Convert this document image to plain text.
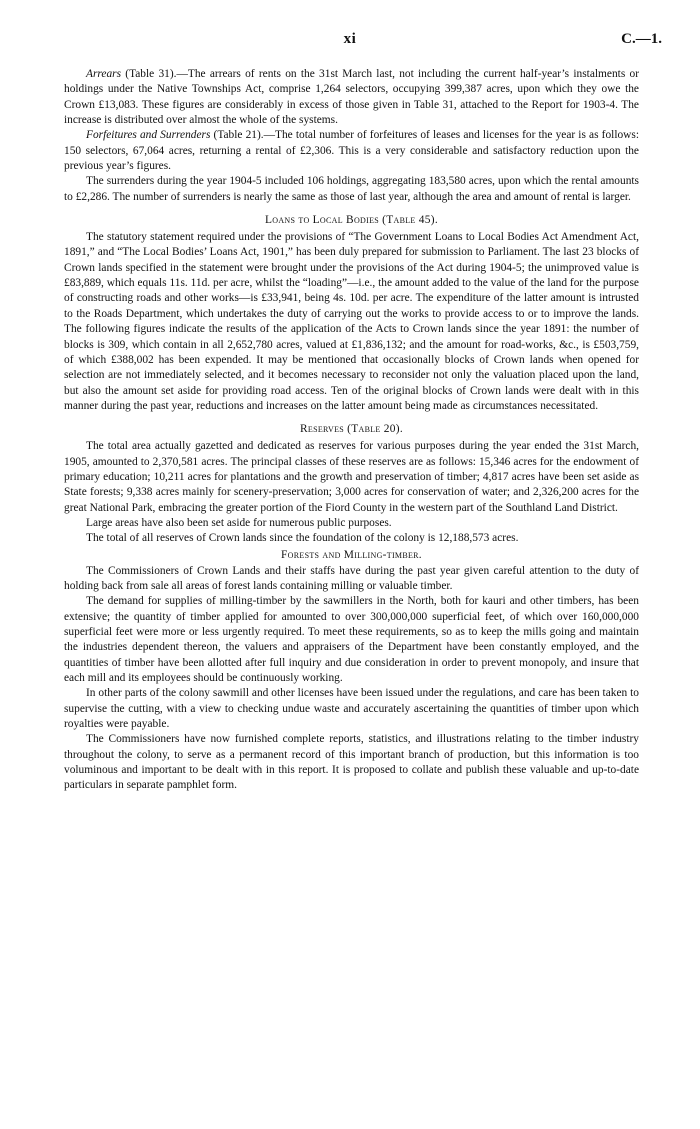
xi	C.—1.

Arrears (Table 31).—The arrears of rents on the 31st March last, not including the current half-year’s instalments or holdings under the Native Townships Act, comprise 1,264 selectors, occupying 399,387 acres, upon which they owe the Crown £13,083. These figures are considerably in excess of those given in Table 31, attached to the Report for 1903-4. The increase is distributed over almost the whole of the systems.

Forfeitures and Surrenders (Table 21).—The total number of forfeitures of leases and licenses for the year is as follows: 150 selectors, 67,064 acres, returning a rental of £2,306. This is a very considerable and satisfactory reduction upon the previous year’s figures.

The surrenders during the year 1904-5 included 106 holdings, aggregating 183,580 acres, upon which the rental amounts to £2,286. The number of surrenders is nearly the same as those of last year, although the area and amount of rental is larger.

Loans to Local Bodies (Table 45).

The statutory statement required under the provisions of “The Government Loans to Local Bodies Act Amendment Act, 1891,” and “The Local Bodies’ Loans Act, 1901,” has been duly prepared for submission to Parliament. The last 23 blocks of Crown lands specified in the statement were brought under the provisions of the Act during 1904-5; the unimproved value is £83,889, which equals 11s. 11d. per acre, whilst the “loading”—i.e., the amount added to the value of the land for the purpose of constructing roads and other works—is £33,941, being 4s. 10d. per acre. The expenditure of the latter amount is intrusted to the Roads Department, which undertakes the duty of carrying out the works to provide access to or to improve the lands. The following figures indicate the results of the application of the Acts to Crown lands since the year 1891: the number of blocks is 309, which contain in all 2,652,780 acres, valued at £1,836,132; and the amount for road-works, &c., is £503,759, of which £388,002 has been expended. It may be mentioned that occasionally blocks of Crown lands when opened for selection are not immediately selected, and it becomes necessary to reconsider not only the valuation placed upon the land, but also the amount set aside for providing road access. Ten of the original blocks of Crown lands were dealt with in this manner during the past year, reductions and increases on the latter amount being made as circumstances necessitated.

Reserves (Table 20).

The total area actually gazetted and dedicated as reserves for various purposes during the year ended the 31st March, 1905, amounted to 2,370,581 acres. The principal classes of these reserves are as follows: 15,346 acres for the endowment of primary education; 10,211 acres for plantations and the growth and preservation of timber; 4,817 acres have been set aside as State forests; 9,338 acres mainly for scenery-preservation; 3,000 acres for conservation of water; and 2,326,200 acres for the great National Park, embracing the greater portion of the Fiord County in the western part of the Southland Land District.

Large areas have also been set aside for numerous public purposes.

The total of all reserves of Crown lands since the foundation of the colony is 12,188,573 acres.

Forests and Milling-timber.

The Commissioners of Crown Lands and their staffs have during the past year given careful attention to the duty of holding back from sale all areas of forest lands containing milling or valuable timber.

The demand for supplies of milling-timber by the sawmillers in the North, both for kauri and other timbers, has been extensive; the quantity of timber applied for amounted to over 300,000,000 superficial feet, of which over 160,000,000 superficial feet were more or less urgently required. To meet these requirements, so as to keep the mills going and maintain the industries dependent thereon, the valuers and appraisers of the Department have been constantly employed, and the quantities of timber have been allotted after full inquiry and due consideration in order to prevent monopoly, and insure that each mill and its employees should be continuously working.

In other parts of the colony sawmill and other licenses have been issued under the regulations, and care has been taken to supervise the cutting, with a view to checking undue waste and accurately ascertaining the quantities of timber upon which royalties were payable.

The Commissioners have now furnished complete reports, statistics, and illustrations relating to the timber industry throughout the colony, to serve as a permanent record of this important branch of production, but this information is too voluminous and important to be dealt with in this report. It is proposed to collate and publish these valuable and up-to-date particulars in separate pamphlet form.
